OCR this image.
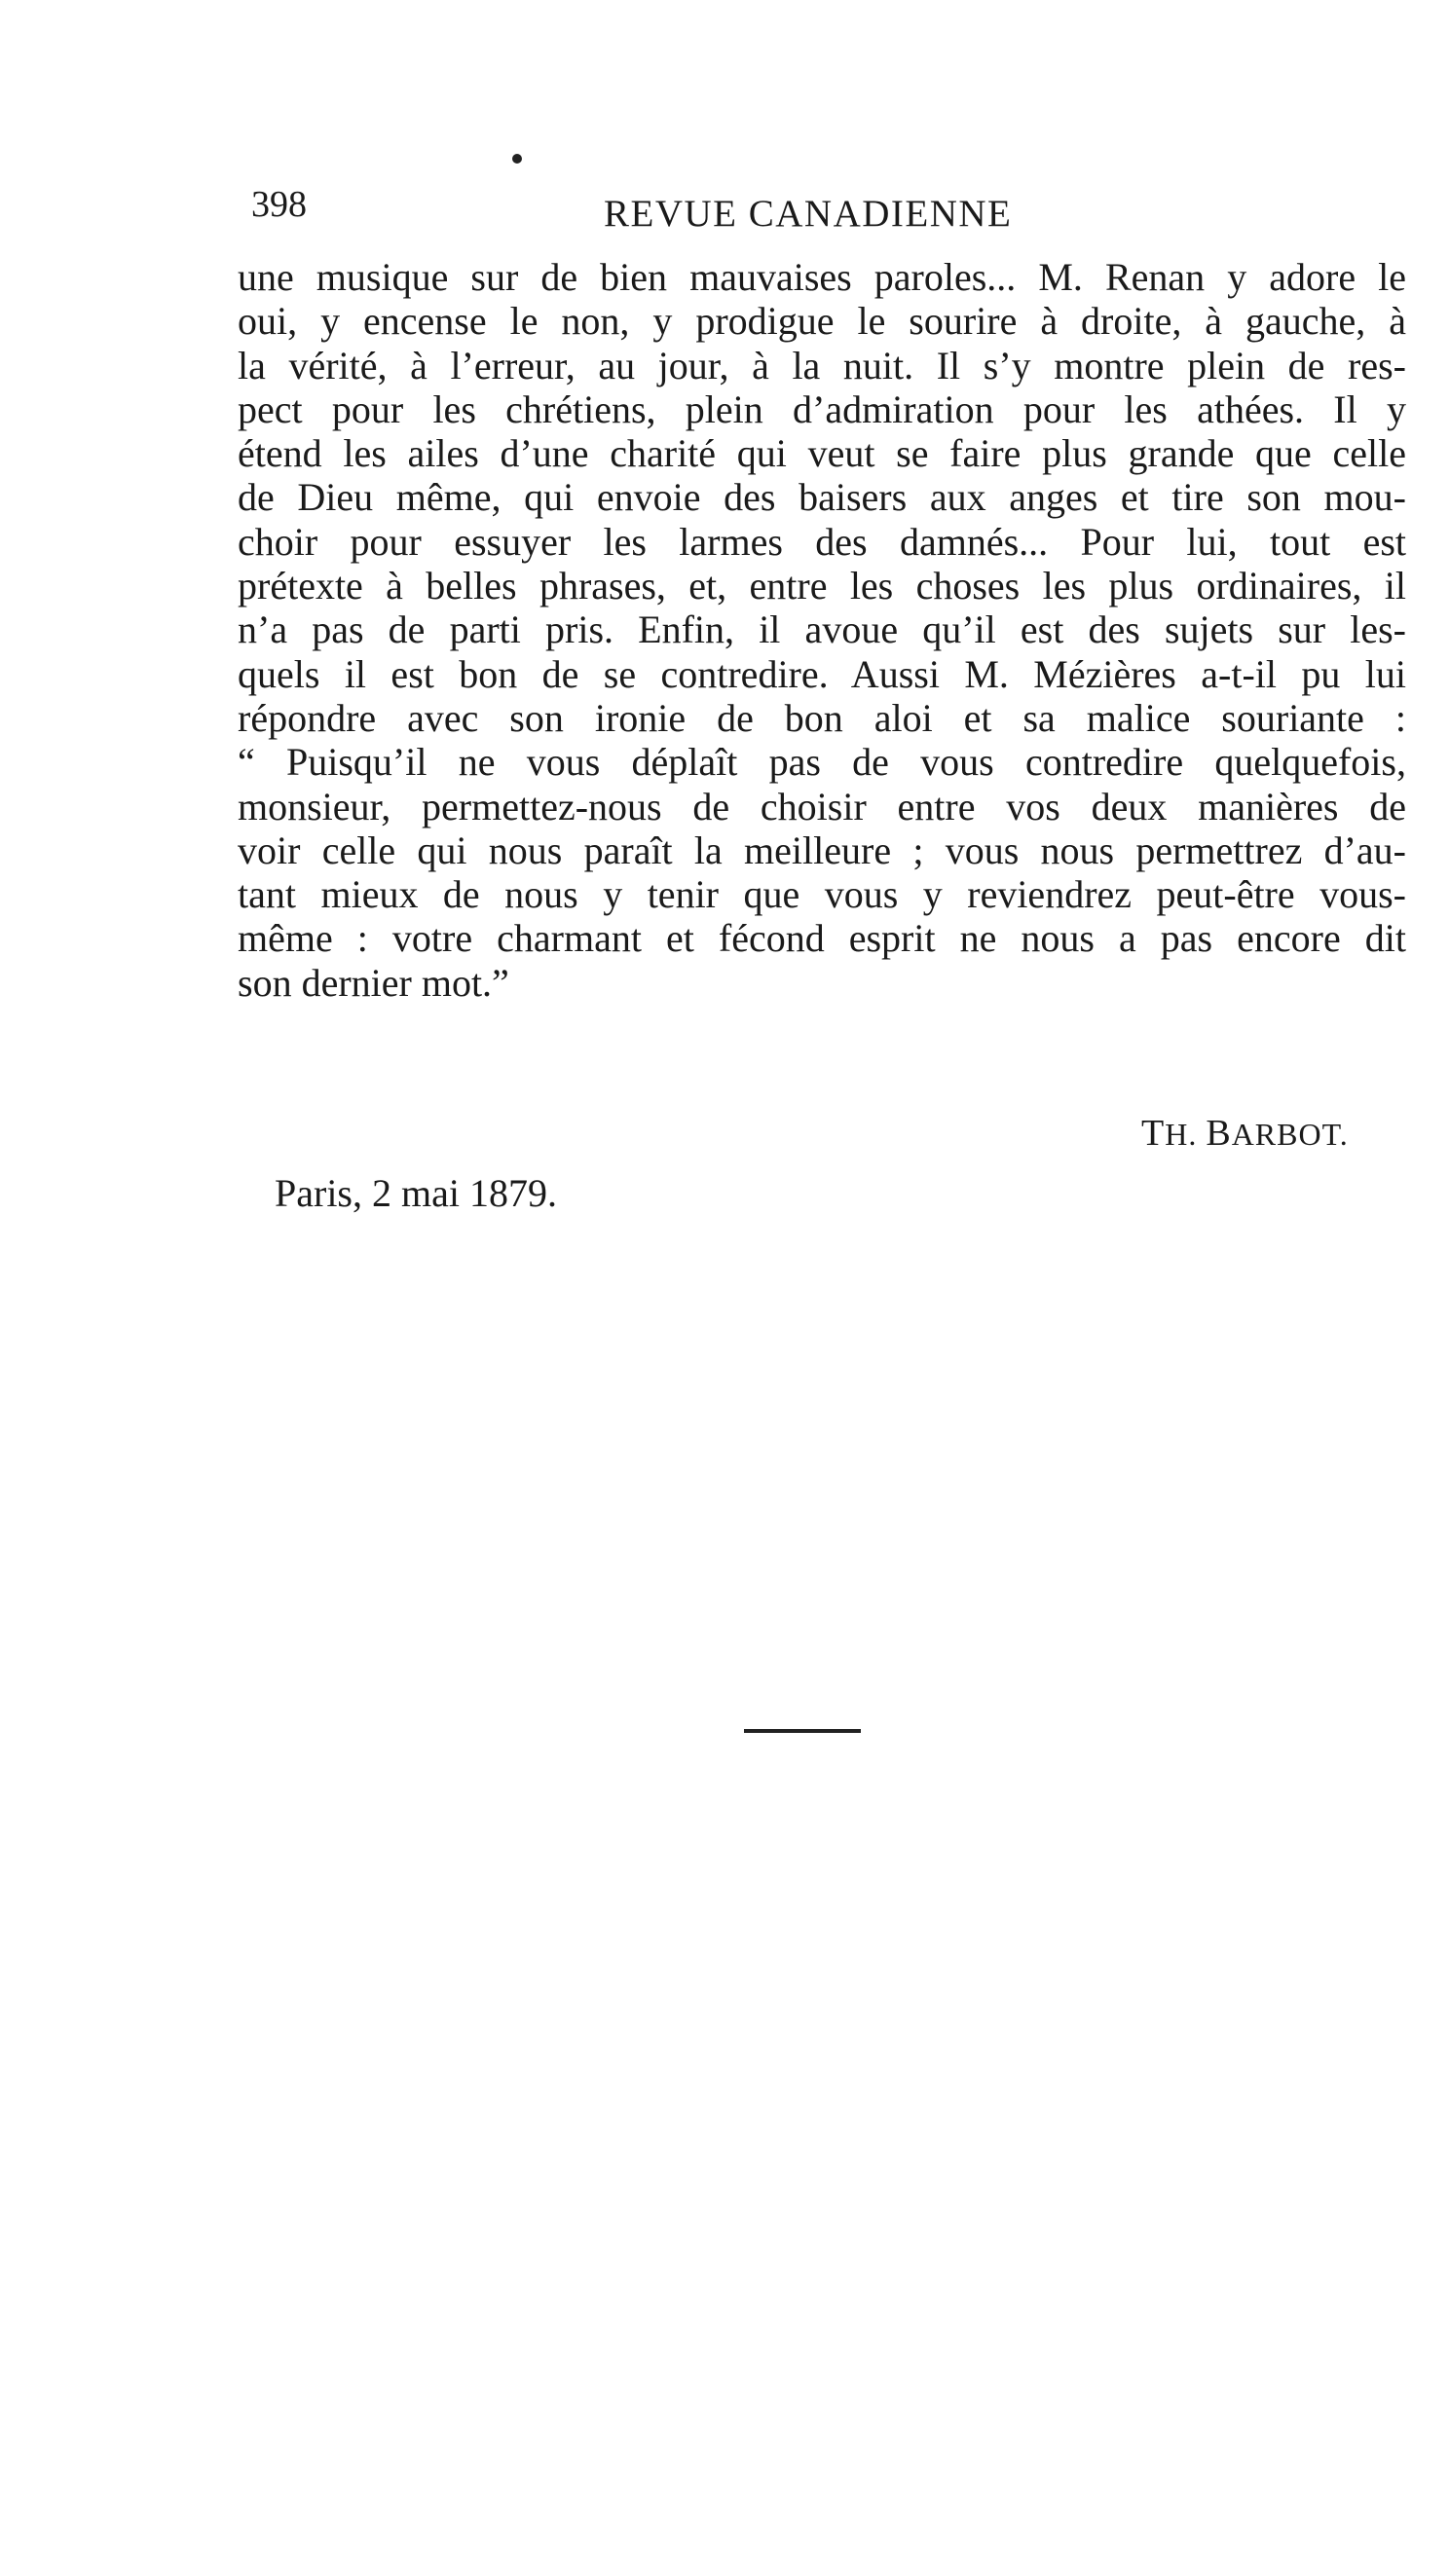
398	REVUE CANADIENNE
une musique sur de bien mauvaises paroles... M. Renan y adore le
oui, y encense le non, y prodigue le sourire à droite, à gauche, à
la vérité, à l’erreur, au jour, à la nuit. Il s’y montre plein de res-
pect pour les chrétiens, plein d’admiration pour les athées. Il y
étend les ailes d’une charité qui veut se faire plus grande que celle
de Dieu même, qui envoie des baisers aux anges et tire son mou-
choir pour essuyer les larmes des damnés... Pour lui, tout est
prétexte à belles phrases, et, entre les choses les plus ordinaires, il
n’a pas de parti pris. Enfin, il avoue qu’il est des sujets sur les-
quels il est bon de se contredire. Aussi M. Mézières a-t-il pu lui
répondre avec son ironie de bon aloi et sa malice souriante :
“ Puisqu’il ne vous déplaît pas de vous contredire quelquefois,
monsieur, permettez-nous de choisir entre vos deux manières de
voir celle qui nous paraît la meilleure ; vous nous permettrez d’au-
tant mieux de nous y tenir que vous y reviendrez peut-être vous-
même : votre charmant et fécond esprit ne nous a pas encore dit
son dernier mot.”
TH. BARBOT.
Paris, 2 mai 1879.
